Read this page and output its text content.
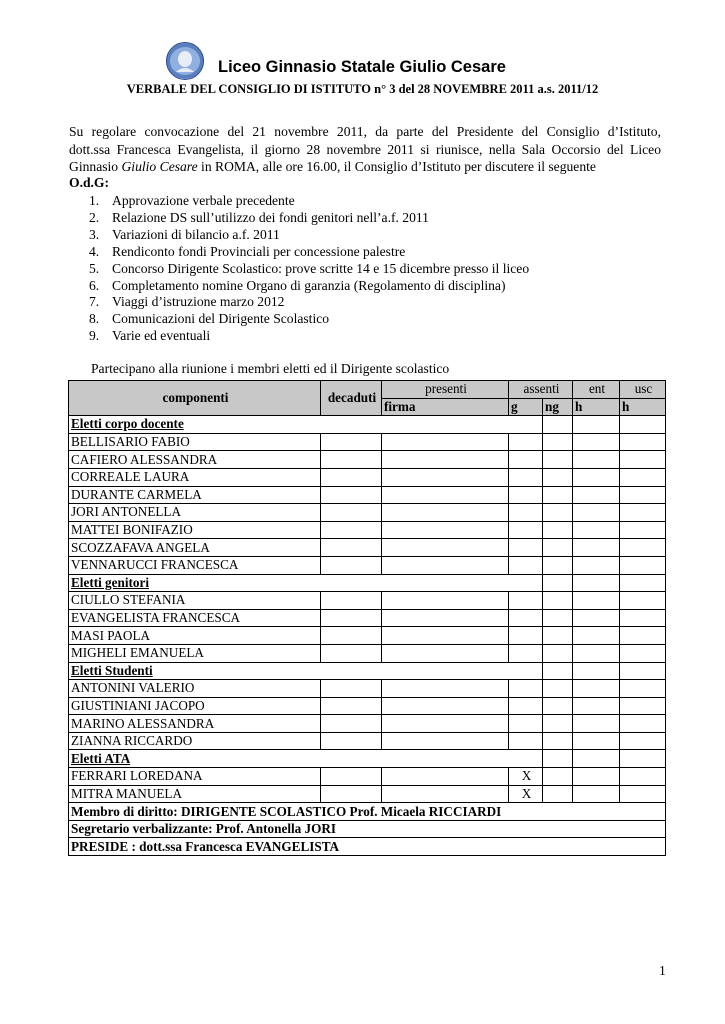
Liceo Ginnasio Statale Giulio Cesare
VERBALE DEL CONSIGLIO DI ISTITUTO n° 3 del 28 NOVEMBRE 2011 a.s. 2011/12
Su regolare convocazione del 21 novembre 2011, da parte del Presidente del Consiglio d’Istituto,
dott.ssa Francesca Evangelista, il giorno 28 novembre 2011 si riunisce, nella Sala Occorsio del Liceo
Ginnasio Giulio Cesare in ROMA, alle ore 16.00, il Consiglio d’Istituto per discutere il seguente
O.d.G:
1. Approvazione verbale precedente
2. Relazione DS sull’utilizzo dei fondi genitori nell’a.f. 2011
3. Variazioni di bilancio a.f. 2011
4. Rendiconto fondi Provinciali per concessione palestre
5. Concorso Dirigente Scolastico: prove scritte 14 e 15 dicembre presso il liceo
6. Completamento nomine Organo di garanzia (Regolamento di disciplina)
7. Viaggi d’istruzione marzo 2012
8. Comunicazioni del Dirigente Scolastico
9. Varie ed eventuali
Partecipano alla riunione i membri eletti ed il Dirigente scolastico
componenti	decaduti	presenti	assenti		ent	usc
		firma	g	ng	h	h
Eletti corpo docente						
BELLISARIO FABIO						
CAFIERO ALESSANDRA						
CORREALE LAURA						
DURANTE CARMELA						
JORI ANTONELLA						
MATTEI BONIFAZIO						
SCOZZAFAVA ANGELA						
VENNARUCCI FRANCESCA						
Eletti genitori						
CIULLO STEFANIA						
EVANGELISTA FRANCESCA						
MASI PAOLA						
MIGHELI EMANUELA						
Eletti Studenti						
ANTONINI VALERIO						
GIUSTINIANI JACOPO						
MARINO ALESSANDRA						
ZIANNA RICCARDO						
Eletti ATA						
FERRARI LOREDANA			X			
MITRA MANUELA			X			
Membro di diritto: DIRIGENTE SCOLASTICO Prof. Micaela RICCIARDI						
Segretario verbalizzante: Prof. Antonella JORI						
PRESIDE : dott.ssa Francesca EVANGELISTA						
1
